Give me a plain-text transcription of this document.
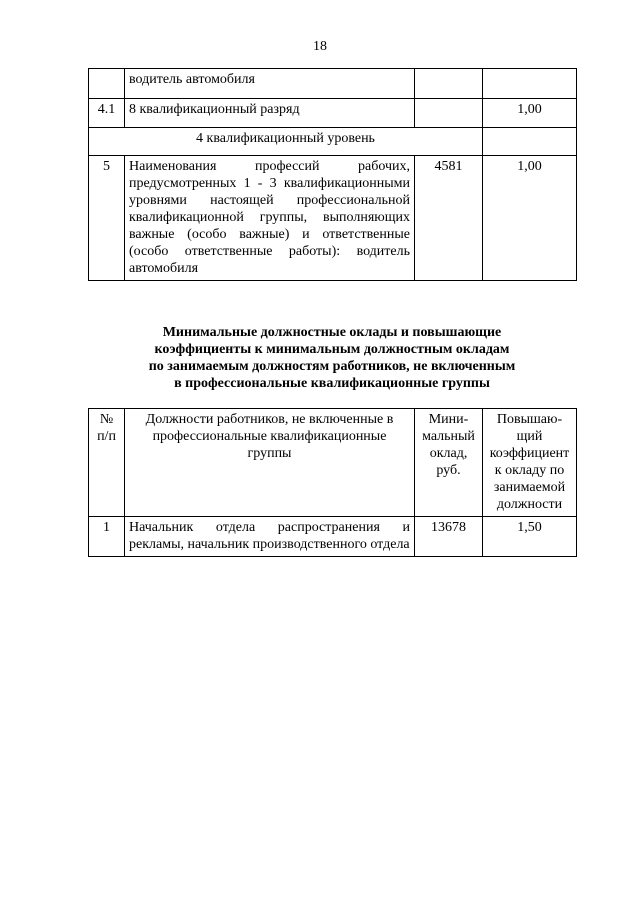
18
	водитель автомобиля		
4.1	8 квалификационный разряд		1,00
4 квалификационный уровень			
5	Наименования профессий рабочих, предусмотренных 1 - 3 квалификационными уровнями настоящей профессиональной квалификационной группы, выполняющих важные (особо важные) и ответственные (особо ответственные работы): водитель автомобиля	4581	1,00
Минимальные должностные оклады и повышающие
коэффициенты к минимальным должностным окладам
по занимаемым должностям работников, не включенным
в профессиональные квалификационные группы
№ п/п	Должности работников, не включенные в профессиональные квалификационные группы	Мини-мальный оклад, руб.	Повышаю-щий коэффициент к окладу по занимаемой должности
1	Начальник отдела распространения и рекламы, начальник производственного отдела	13678	1,50
